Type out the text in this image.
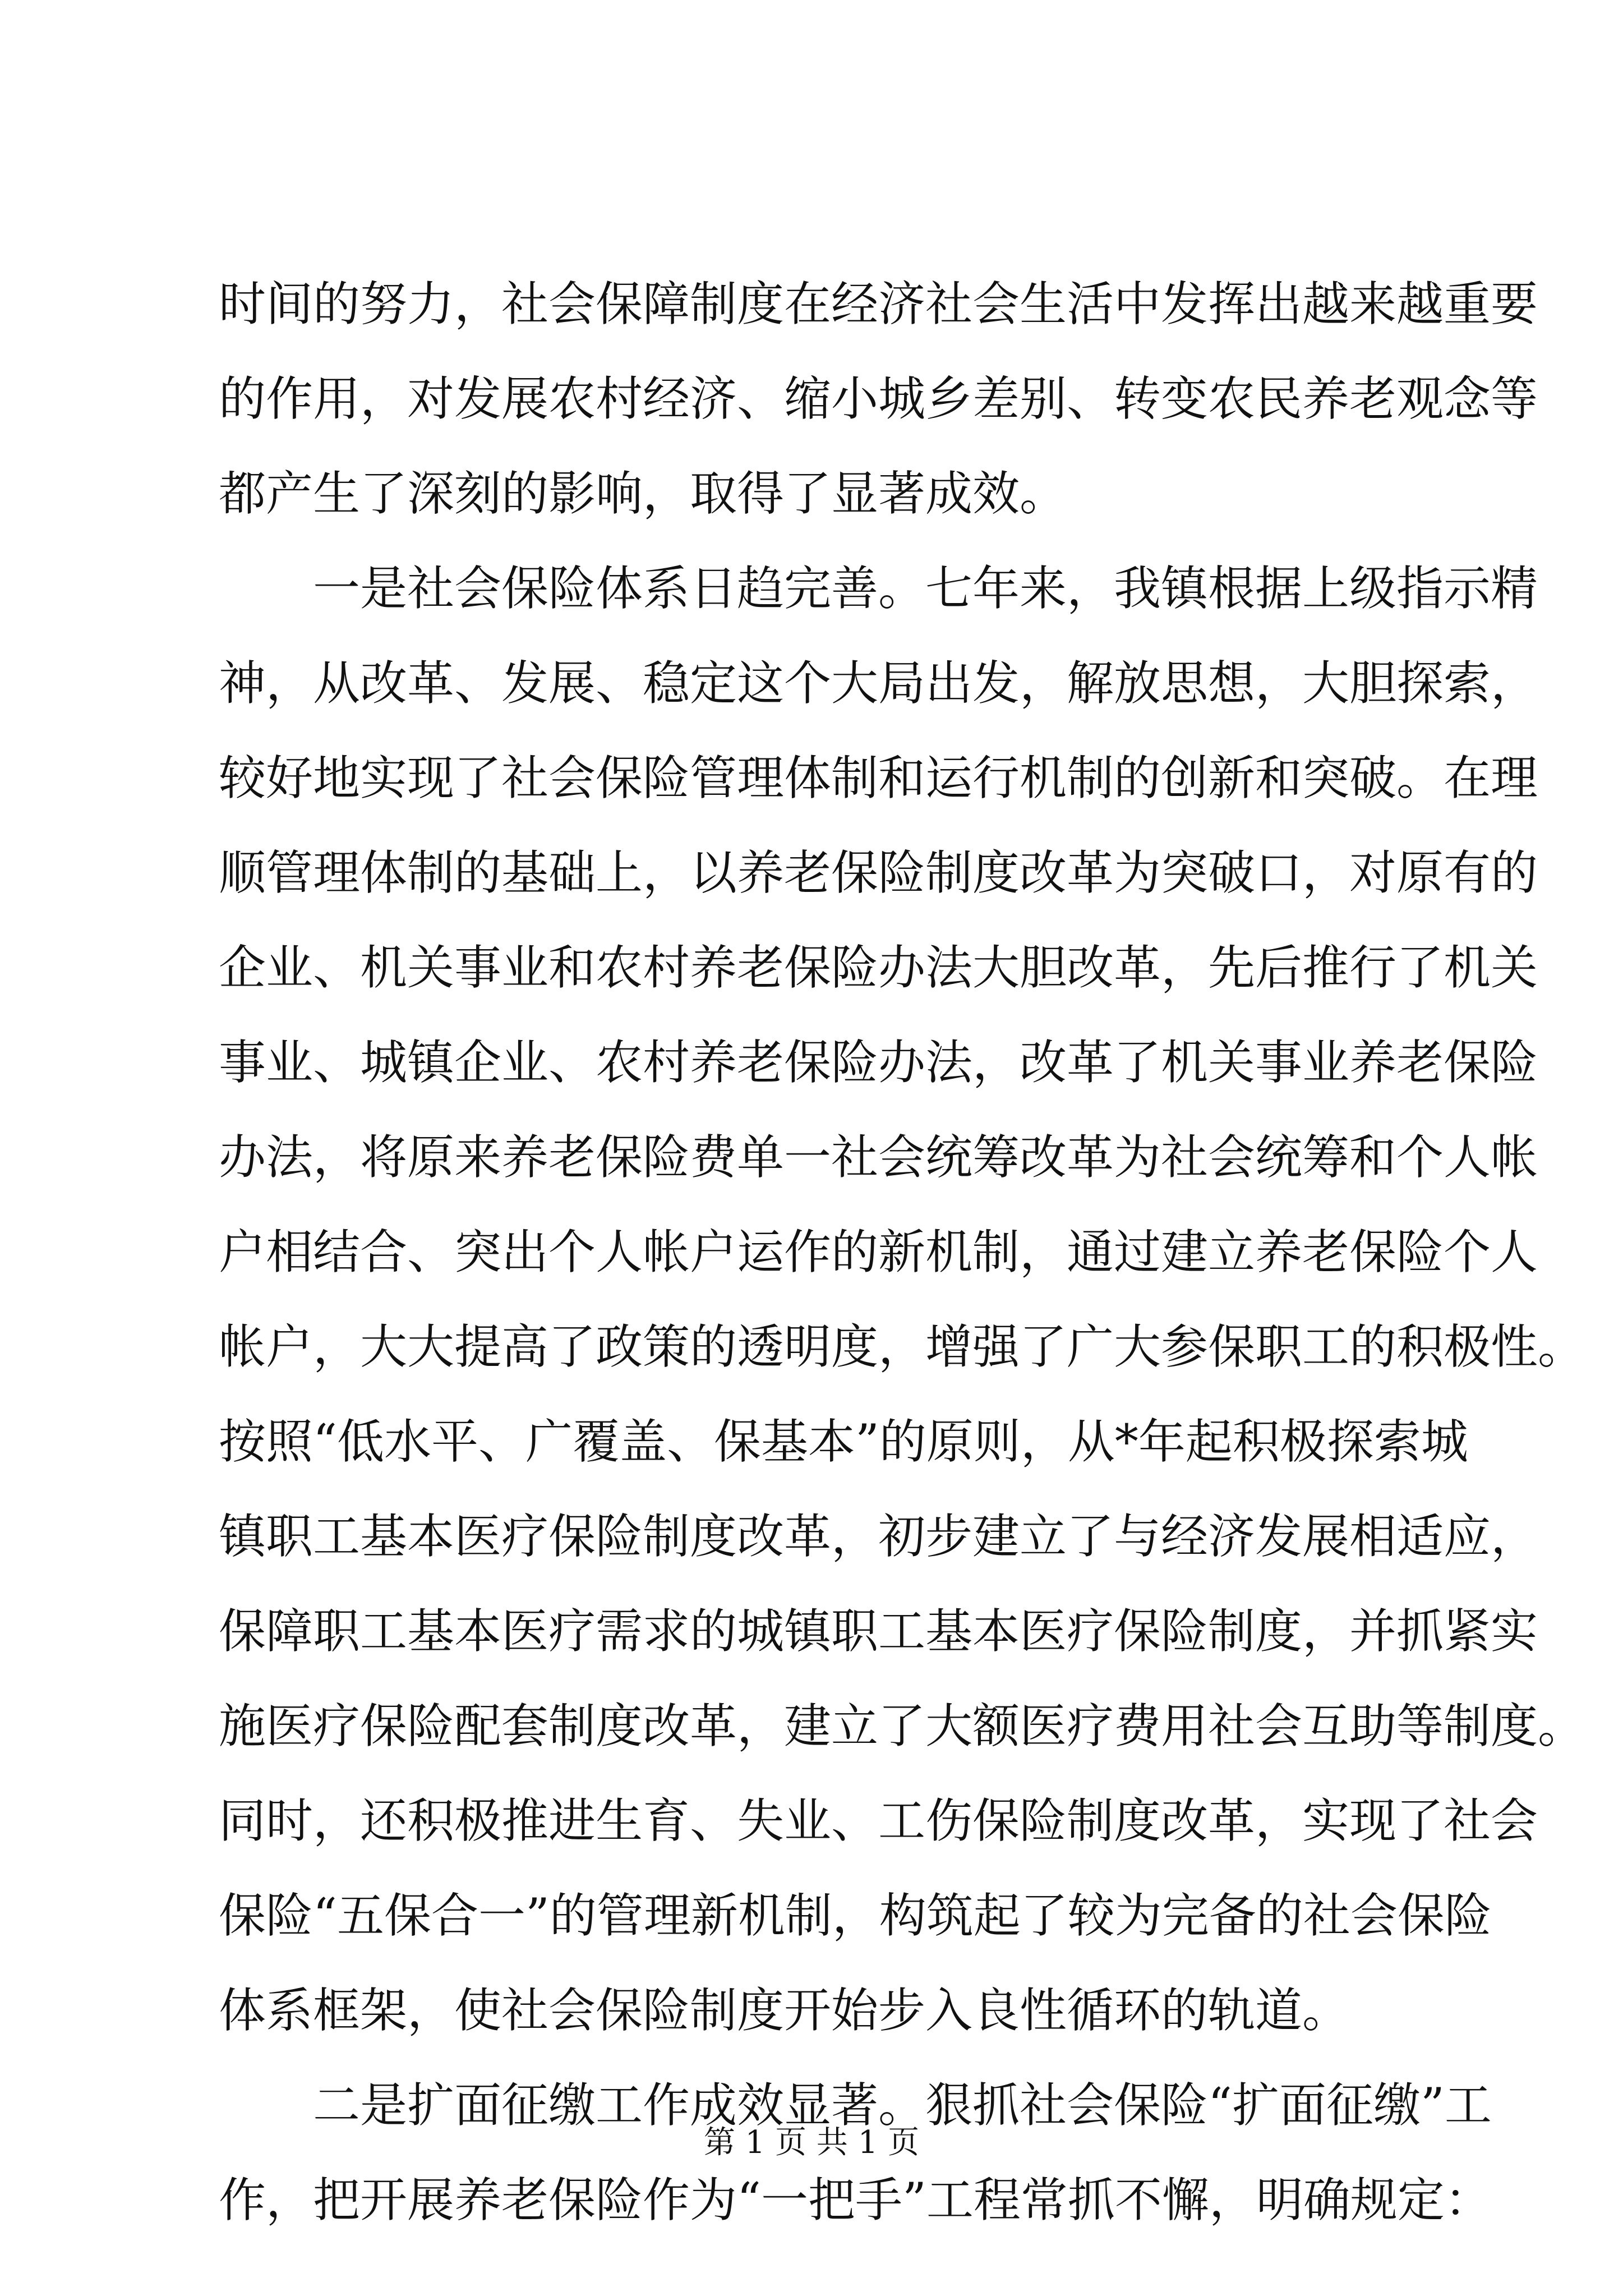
时间的努力，社会保障制度在经济社会生活中发挥出越来越重要
的作用，对发展农村经济、缩小城乡差别、转变农民养老观念等
都产生了深刻的影响，取得了显著成效。
　　一是社会保险体系日趋完善。七年来，我镇根据上级指示精
神，从改革、发展、稳定这个大局出发，解放思想，大胆探索，
较好地实现了社会保险管理体制和运行机制的创新和突破。在理
顺管理体制的基础上，以养老保险制度改革为突破口，对原有的
企业、机关事业和农村养老保险办法大胆改革，先后推行了机关
事业、城镇企业、农村养老保险办法，改革了机关事业养老保险
办法，将原来养老保险费单一社会统筹改革为社会统筹和个人帐
户相结合、突出个人帐户运作的新机制，通过建立养老保险个人
帐户，大大提高了政策的透明度，增强了广大参保职工的积极性。
按照“低水平、广覆盖、保基本”的原则，从*年起积极探索城
镇职工基本医疗保险制度改革，初步建立了与经济发展相适应，
保障职工基本医疗需求的城镇职工基本医疗保险制度，并抓紧实
施医疗保险配套制度改革，建立了大额医疗费用社会互助等制度。
同时，还积极推进生育、失业、工伤保险制度改革，实现了社会
保险“五保合一”的管理新机制，构筑起了较为完备的社会保险
体系框架，使社会保险制度开始步入良性循环的轨道。
　　二是扩面征缴工作成效显著。狠抓社会保险“扩面征缴”工
作，把开展养老保险作为“一把手”工程常抓不懈，明确规定：
第 1 页 共 1 页
